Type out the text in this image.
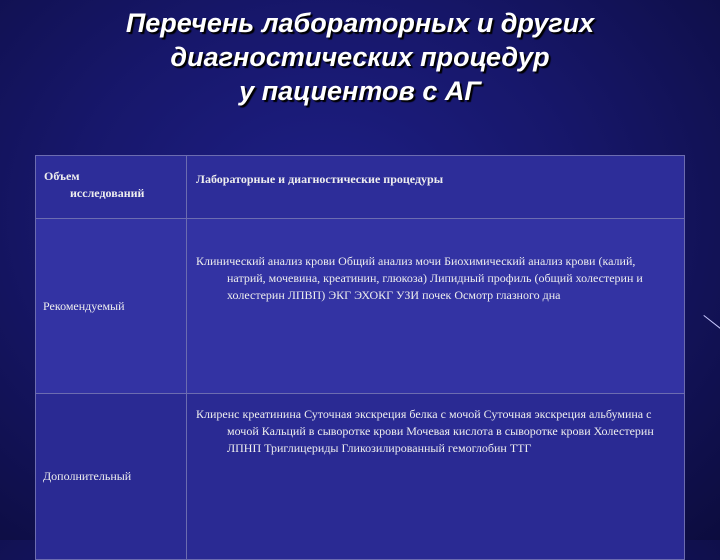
Перечень лабораторных и других
диагностических процедур
у пациентов с АГ
Объем
исследований	Лабораторные и диагностические процедуры
Рекомендуемый	Клинический анализ крови Общий анализ мочи Биохимический анализ крови (калий, натрий, мочевина, креатинин, глюкоза) Липидный профиль (общий холестерин и холестерин ЛПВП) ЭКГ ЭХОКГ УЗИ почек Осмотр глазного дна

Дополнительный	Клиренс креатинина Суточная экскреция белка с мочой Суточная экскреция альбумина с мочой Кальций в сыворотке крови Мочевая кислота в сыворотке крови Холестерин ЛПНП Триглицериды Гликозилированный гемоглобин ТТГ
